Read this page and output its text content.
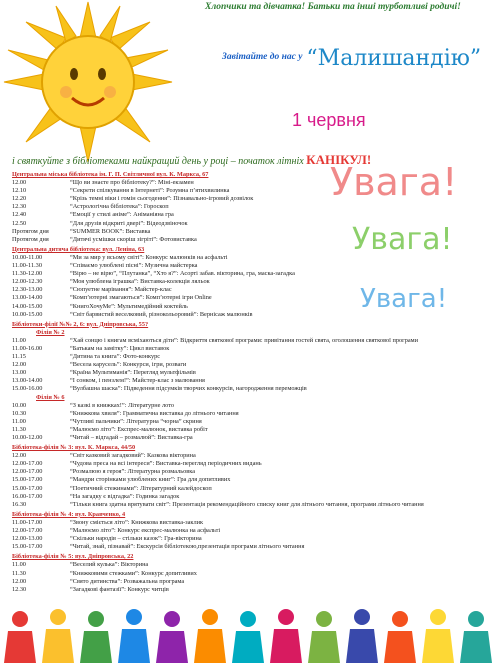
Хлопчики та дівчатка! Батьки та інші турботливі родичі!
$^{Завітайте до нас у}$ “Малишандію”
1 червня
і святкуйте з бібліотеками найкращий день у році – початок літніх КАНІКУЛ!
Увага!
Увага!
Увага!
Центральна міська бібліотека ім. Г. П. Світличної вул. К. Маркса, 67
12.00	“Що ви знаєте про бібліотеку?”: Міні-екзамен
12.10	“Секрети спілкування в Інтернеті”: Розумна п’ятихвилинка
12.20	“Крізь темні віки і гомін сьогодення”: Пізнавально-ігровий дозвілок
12.30	“Астрологічна бібліотека”: Гороскоп
12.40	“Емоції у стилі аніме”: Аніманіяна гра
12.50	“Для друзів відкриті двері”: Відеодзвіночок
Протягом дня	“SUMMER BOOK”: Виставка
Протягом дня	“Дитячі усмішки скоріш зігріті”: Фотовиставка
Центральна дитяча бібліотека: вул. Леніна, 63
10.00-11.00	“Ми за мир у всьому світі”: Конкурс малюнків на асфальті
11.00-11.30	“Співаємо улюблені пісні”: Музична майстерка
11.30-12.00	“Вірю – не вірю”, “Плутанка”, “Хто я?”: Асорті забав. вікторина, гра, маска-загадка
12.00-12.30	“Моя улюблена іграшка”: Виставка-колекція ляльок
12.30-13.00	“Сюпуетне марівання”: Майстер-клас
13.00-14.00	“Комп’ютерні змагаються”: Комп’ютерні ігри Online
14.00-15.00	“КнигоХочуМе”: Мультимедійний коктейль
10.00-15.00	“Світ барвистий веселковий, різнокольоровий”: Вернісаж малюнків
Бібліотеки-філії №№ 2, 6: вул. Дніпровська, 55?
Філія № 2
11.00	“Хай сонцю і книгам всміхаються діти”: Відкриття святкової програми: привітання гостей свята, оголошення святкової програми
11.00-16.00	“Батькам на замітку”: Цикл виставок
11.15	“Дитина та книга”: Фото-конкурс
12.00	“Весела карусель”: Конкурси, ігри, розваги
13.00	“Країна Мультиманія”: Перегляд мультфільмів
13.00-14.00	“І сонком, і пензлем!”: Майстер-клас з малювання
15.00-16.00	“Вулбашна шаска”: Підведення підсумків творчих конкурсів, нагородження переможців
Філія № 6
10.00	“З казкі в книжках!”: Літературне лото
10.30	“Книжкова хвиля”: Грамматична виставка до літнього читання
11.00	“Чутливі пальчики”: Літературна “чорна” скриня
11.30	“Малюємо літо”: Експрес-малюнок, виставка робіт
10.00-12.00	“Читай – відгадай – розмалюй”: Виставка-гра
Бібліотека-філія № 3: вул. К. Маркса, 44/50
12.00	“Світ казковий загадковий”: Казкова вікторина
12.00-17.00	“Чудова преса на всі інтереси”: Виставка-перегляд періодичних видань
12.00-17.00	“Розмалюю я героя”: Літературна розмальовка
15.00-17.00	“Мандри сторінками улюблених книг”: Гра для допитливих
15.00-17.00	“Поетичний стежинами”: Літературний калейдоскоп
16.00-17.00	“На загадку є відгадка”: Годинка загадок
16.30	“Тільки книга здатна врятувати світ”: Презентація рекомендаційного списку книг для літнього читання, програми літнього читання
Бібліотека-філія № 4: вул. Кравченко, 4
11.00-17.00	“Звону сміється літо”: Книжкова виставка-заклик
12.00-17.00	“Малюємо літо”: Конкурс експрес-малюнка на асфальті
12.00-13.00	“Скільки народів – стільки казок”: Гра-вікторина
15.00-17.00	“Читай, знай, пізнавай”: Екскурсія бібліотекою,презентація програми літнього читання
Бібліотека-філія № 5: вул. Дніпровська, 22
11.00	“Веселий кулька”: Вікторина
11.30	“Книжковими стежками”: Конкурс допитливих
12.00	“Свято дитинства”: Розважальна програма
12.30	“Загадкові фантазії”: Конкурс читців
